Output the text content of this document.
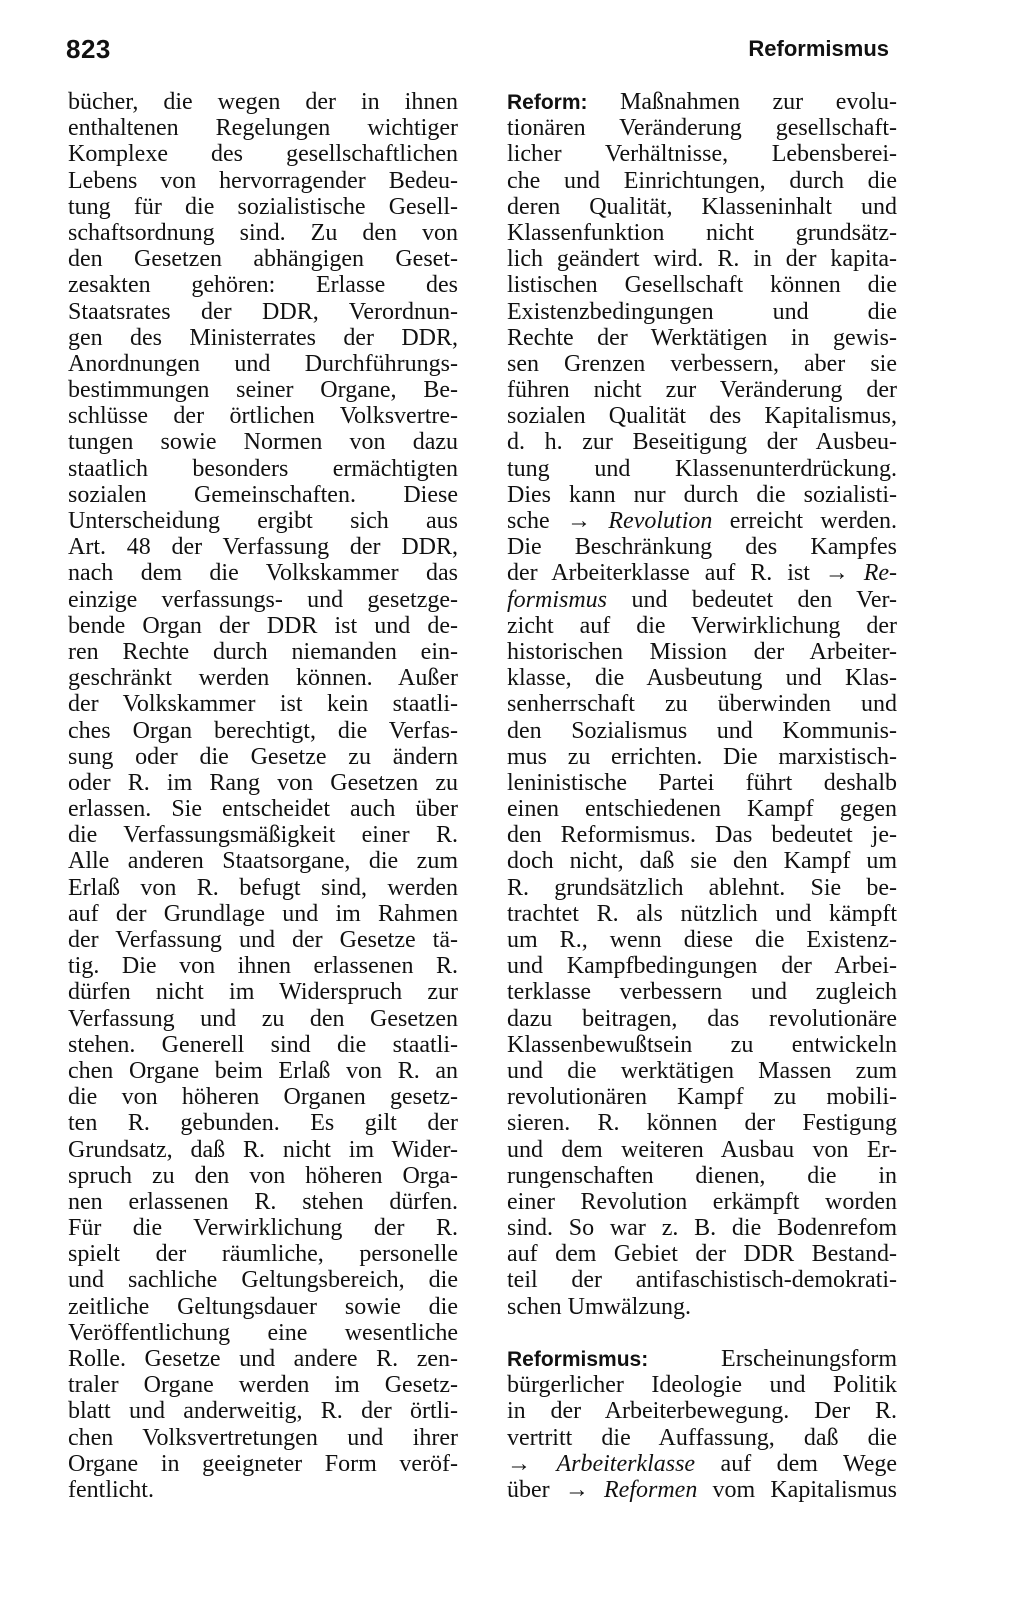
823	Reformismus
bücher, die wegen der in ihnen
enthaltenen Regelungen wichtiger
Komplexe des gesellschaftlichen
Lebens von hervorragender Bedeu-
tung für die sozialistische Gesell-
schaftsordnung sind. Zu den von
den Gesetzen abhängigen Geset-
zesakten gehören: Erlasse des
Staatsrates der DDR, Verordnun-
gen des Ministerrates der DDR,
Anordnungen und Durchführungs-
bestimmungen seiner Organe, Be-
schlüsse der örtlichen Volksvertre-
tungen sowie Normen von dazu
staatlich besonders ermächtigten
sozialen Gemeinschaften. Diese
Unterscheidung ergibt sich aus
Art. 48 der Verfassung der DDR,
nach dem die Volkskammer das
einzige verfassungs- und gesetzge-
bende Organ der DDR ist und de-
ren Rechte durch niemanden ein-
geschränkt werden können. Außer
der Volkskammer ist kein staatli-
ches Organ berechtigt, die Verfas-
sung oder die Gesetze zu ändern
oder R. im Rang von Gesetzen zu
erlassen. Sie entscheidet auch über
die Verfassungsmäßigkeit einer R.
Alle anderen Staatsorgane, die zum
Erlaß von R. befugt sind, werden
auf der Grundlage und im Rahmen
der Verfassung und der Gesetze tä-
tig. Die von ihnen erlassenen R.
dürfen nicht im Widerspruch zur
Verfassung und zu den Gesetzen
stehen. Generell sind die staatli-
chen Organe beim Erlaß von R. an
die von höheren Organen gesetz-
ten R. gebunden. Es gilt der
Grundsatz, daß R. nicht im Wider-
spruch zu den von höheren Orga-
nen erlassenen R. stehen dürfen.
Für die Verwirklichung der R.
spielt der räumliche, personelle
und sachliche Geltungsbereich, die
zeitliche Geltungsdauer sowie die
Veröffentlichung eine wesentliche
Rolle. Gesetze und andere R. zen-
traler Organe werden im Gesetz-
blatt und anderweitig, R. der örtli-
chen Volksvertretungen und ihrer
Organe in geeigneter Form veröf-
fentlicht.
Reform: Maßnahmen zur evolu-
tionären Veränderung gesellschaft-
licher Verhältnisse, Lebensberei-
che und Einrichtungen, durch die
deren Qualität, Klasseninhalt und
Klassenfunktion nicht grundsätz-
lich geändert wird. R. in der kapita-
listischen Gesellschaft können die
Existenzbedingungen und die
Rechte der Werktätigen in gewis-
sen Grenzen verbessern, aber sie
führen nicht zur Veränderung der
sozialen Qualität des Kapitalismus,
d. h. zur Beseitigung der Ausbeu-
tung und Klassenunterdrückung.
Dies kann nur durch die sozialisti-
sche → Revolution erreicht werden.
Die Beschränkung des Kampfes
der Arbeiterklasse auf R. ist → Re-
formismus und bedeutet den Ver-
zicht auf die Verwirklichung der
historischen Mission der Arbeiter-
klasse, die Ausbeutung und Klas-
senherrschaft zu überwinden und
den Sozialismus und Kommunis-
mus zu errichten. Die marxistisch-
leninistische Partei führt deshalb
einen entschiedenen Kampf gegen
den Reformismus. Das bedeutet je-
doch nicht, daß sie den Kampf um
R. grundsätzlich ablehnt. Sie be-
trachtet R. als nützlich und kämpft
um R., wenn diese die Existenz-
und Kampfbedingungen der Arbei-
terklasse verbessern und zugleich
dazu beitragen, das revolutionäre
Klassenbewußtsein zu entwickeln
und die werktätigen Massen zum
revolutionären Kampf zu mobili-
sieren. R. können der Festigung
und dem weiteren Ausbau von Er-
rungenschaften dienen, die in
einer Revolution erkämpft worden
sind. So war z. B. die Bodenrefom
auf dem Gebiet der DDR Bestand-
teil der antifaschistisch-demokrati-
schen Umwälzung.
Reformismus: Erscheinungsform
bürgerlicher Ideologie und Politik
in der Arbeiterbewegung. Der R.
vertritt die Auffassung, daß die
→ Arbeiterklasse auf dem Wege
über → Reformen vom Kapitalismus
